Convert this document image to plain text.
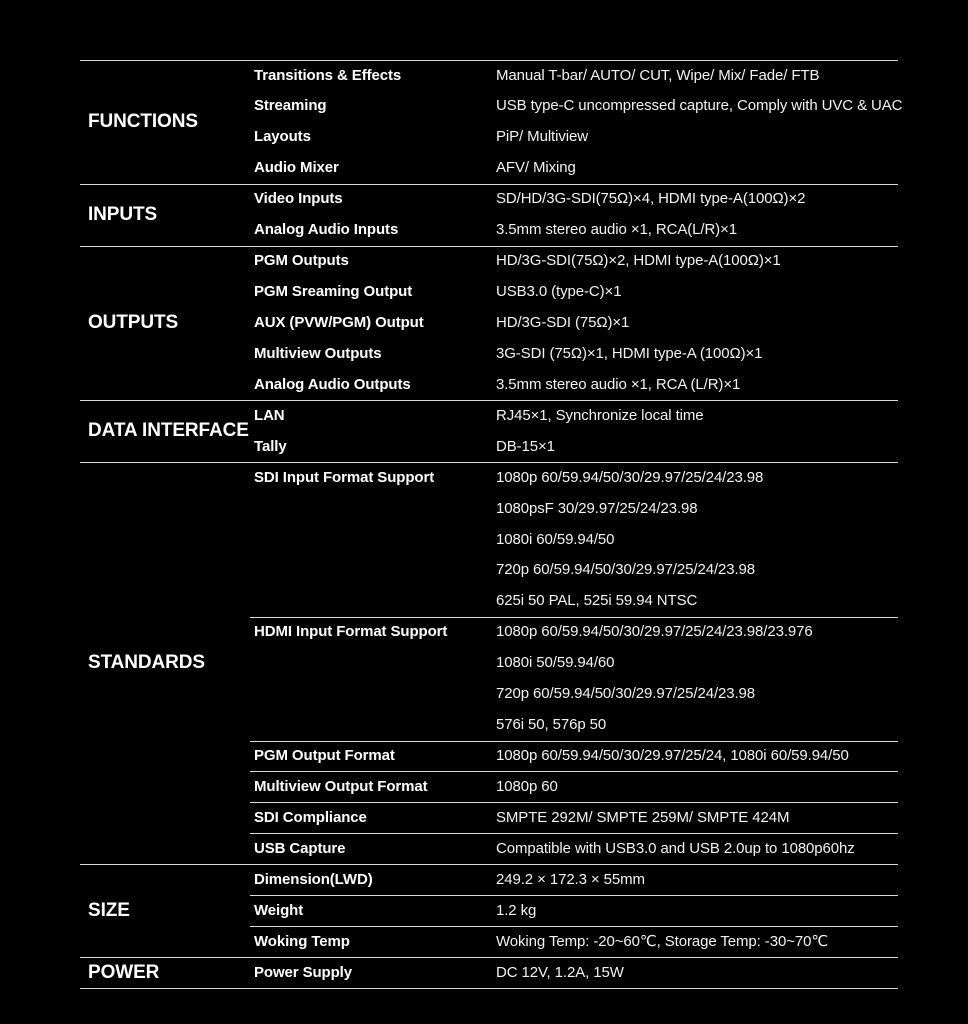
Transitions & Effects	Manual T-bar/ AUTO/ CUT, Wipe/ Mix/ Fade/ FTB
Streaming	USB type-C uncompressed capture, Comply with UVC & UAC
Layouts	PiP/ Multiview
Audio Mixer	AFV/ Mixing
FUNCTIONS
Video Inputs	SD/HD/3G-SDI(75Ω)×4, HDMI type-A(100Ω)×2
Analog Audio Inputs	3.5mm stereo audio ×1, RCA(L/R)×1
INPUTS
PGM Outputs	HD/3G-SDI(75Ω)×2, HDMI type-A(100Ω)×1
PGM Sreaming Output	USB3.0 (type-C)×1
AUX (PVW/PGM) Output	HD/3G-SDI (75Ω)×1
Multiview Outputs	3G-SDI (75Ω)×1, HDMI type-A (100Ω)×1
Analog Audio Outputs	3.5mm stereo audio ×1, RCA (L/R)×1
OUTPUTS
LAN	RJ45×1, Synchronize local time
Tally	DB-15×1
DATA INTERFACE
SDI Input Format Support	1080p 60/59.94/50/30/29.97/25/24/23.98
1080psF 30/29.97/25/24/23.98
1080i 60/59.94/50
720p 60/59.94/50/30/29.97/25/24/23.98
625i 50 PAL, 525i 59.94 NTSC
HDMI Input Format Support	1080p 60/59.94/50/30/29.97/25/24/23.98/23.976
1080i 50/59.94/60
720p 60/59.94/50/30/29.97/25/24/23.98
576i 50, 576p 50
PGM Output Format	1080p 60/59.94/50/30/29.97/25/24, 1080i 60/59.94/50
Multiview Output Format	1080p 60
SDI Compliance	SMPTE 292M/ SMPTE 259M/ SMPTE 424M
USB Capture	Compatible with USB3.0 and USB 2.0up to 1080p60hz
STANDARDS
Dimension(LWD)	249.2 × 172.3 × 55mm
Weight	1.2 kg
Woking Temp	Woking Temp: -20~60℃, Storage Temp: -30~70℃
SIZE
Power Supply	DC 12V, 1.2A, 15W
POWER
